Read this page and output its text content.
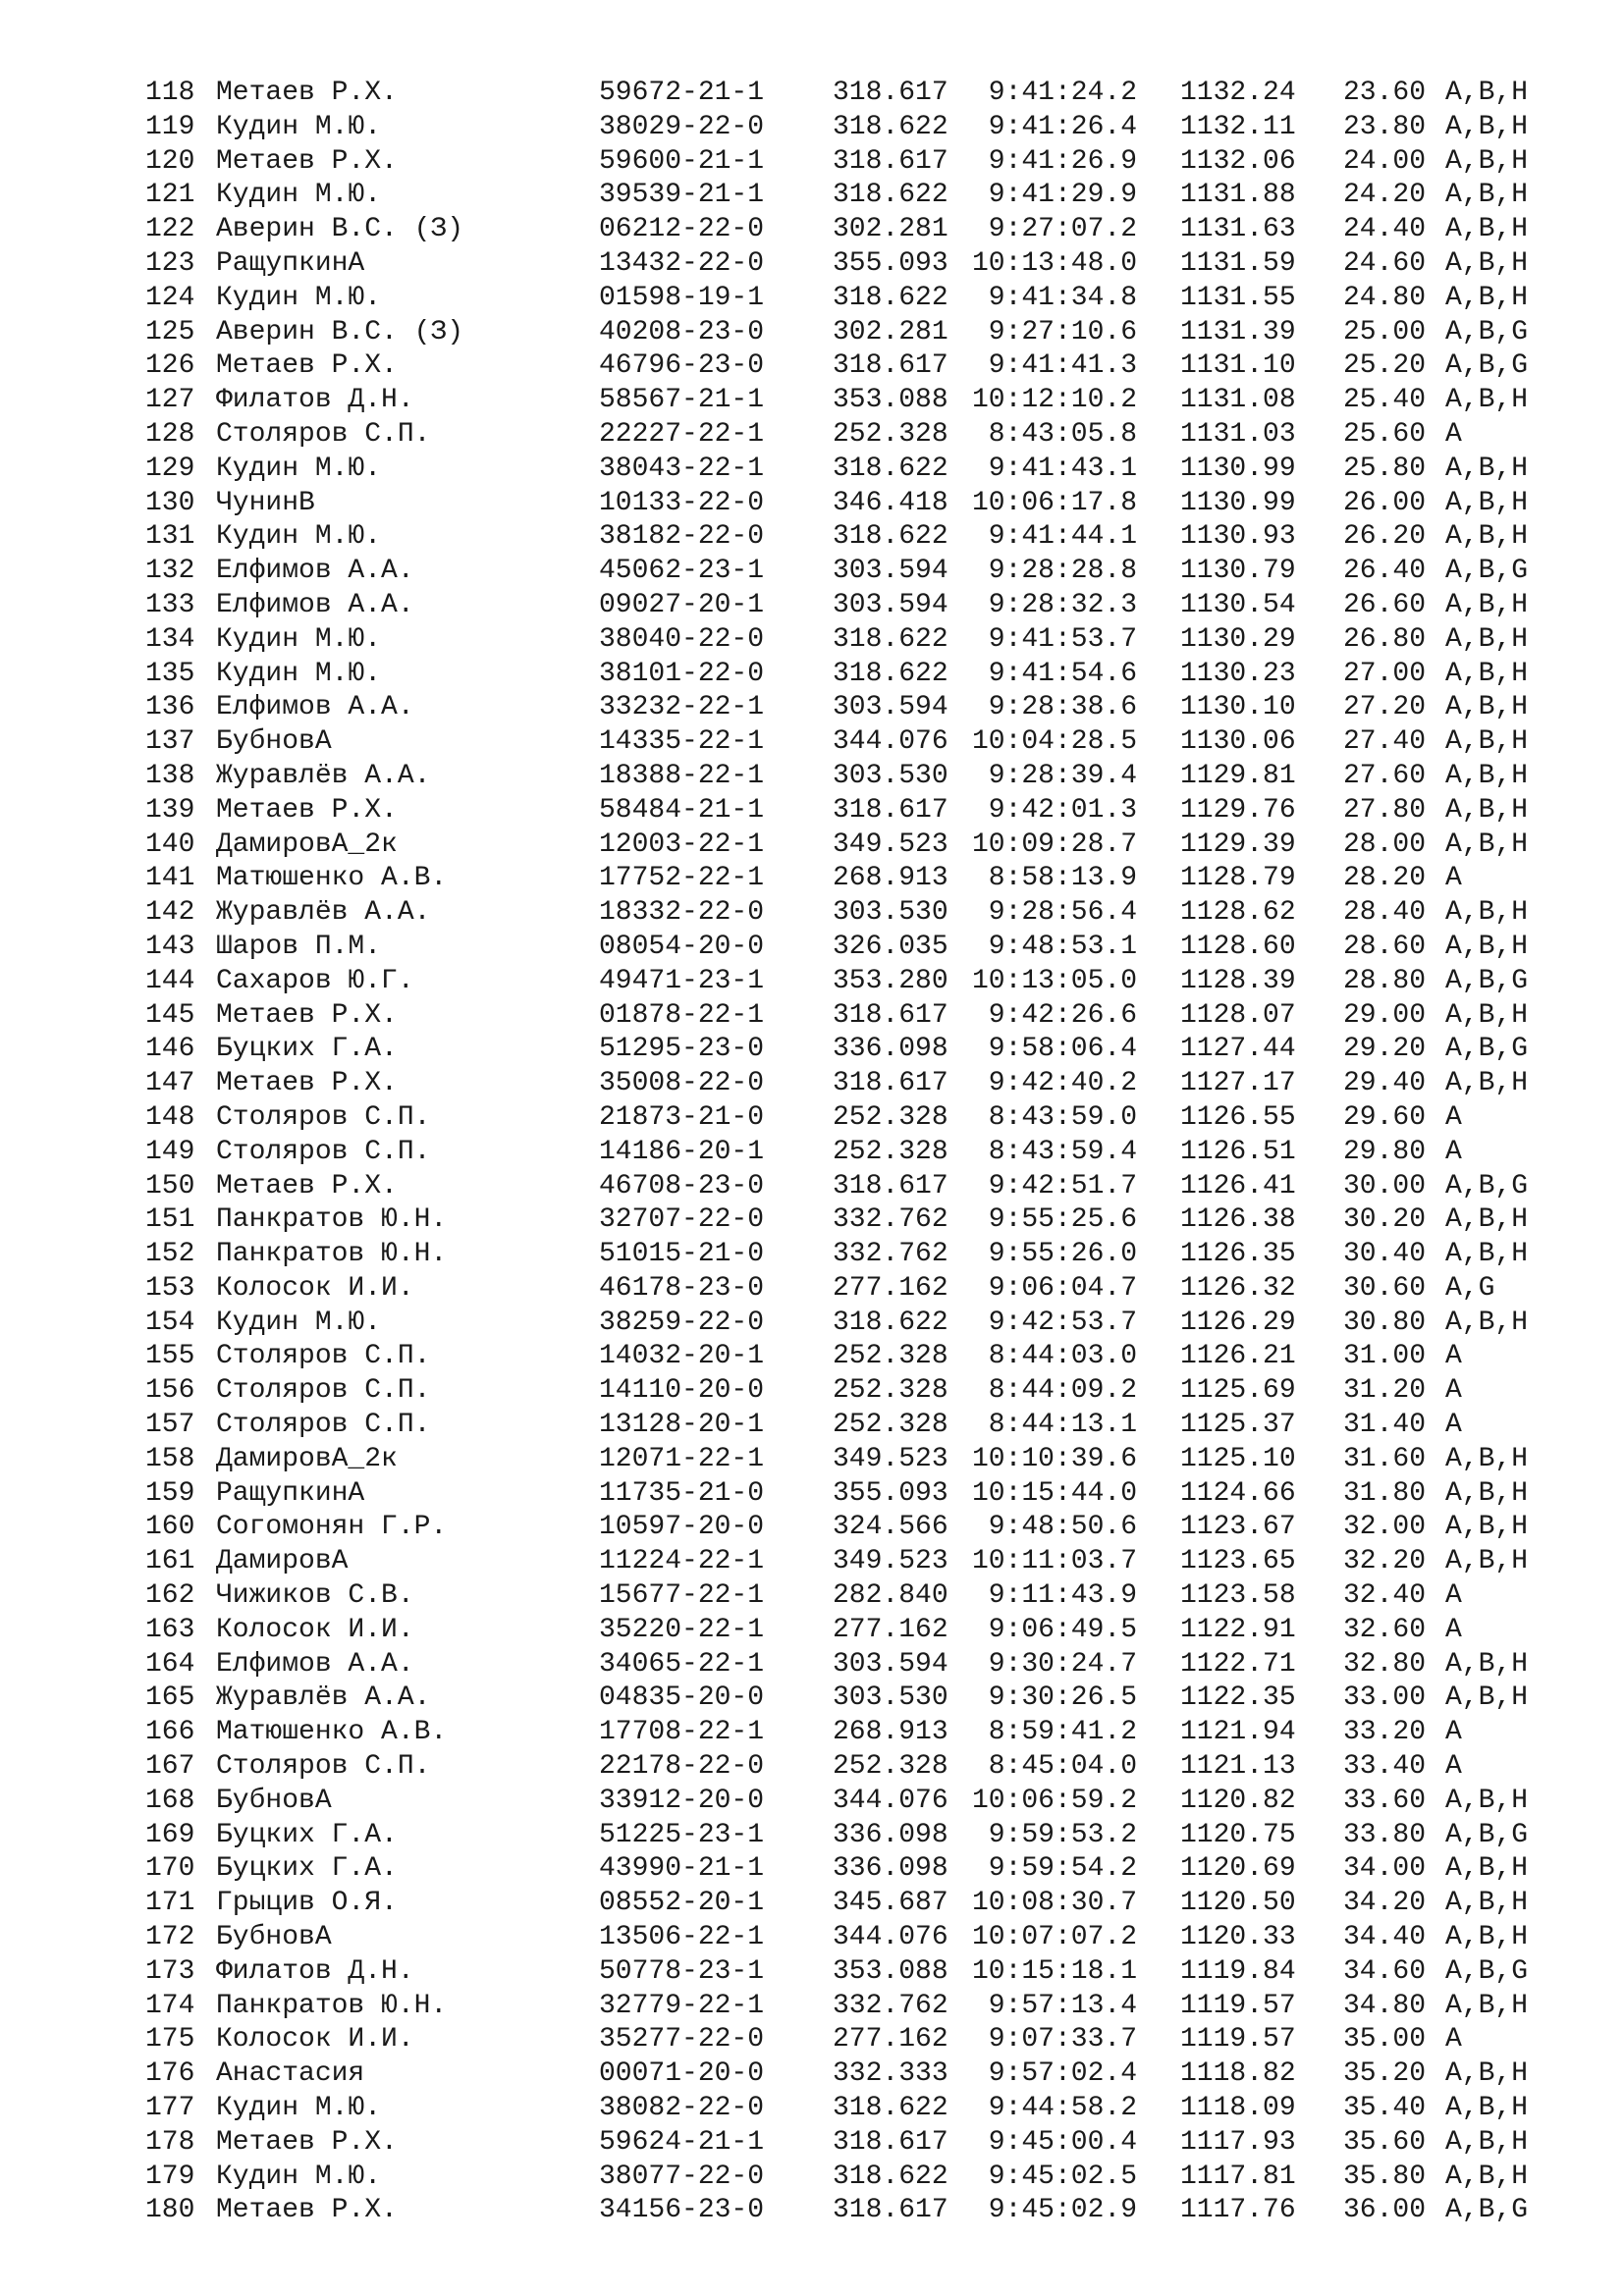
118 Метаев Р.Х.	59672-21-1 318.617	9:41:24.2 1132.24 23.60 A,B,H
119 Кудин М.Ю.	38029-22-0 318.622	9:41:26.4 1132.11 23.80 A,B,H
120 Метаев Р.Х.	59600-21-1 318.617	9:41:26.9 1132.06 24.00 A,B,H
121 Кудин М.Ю.	39539-21-1 318.622	9:41:29.9 1131.88 24.20 A,B,H
122 Аверин В.С. (З)	06212-22-0 302.281	9:27:07.2 1131.63 24.40 A,B,H
123 РащупкинА	13432-22-0 355.093 10:13:48.0 1131.59 24.60 A,B,H
124 Кудин М.Ю.	01598-19-1 318.622	9:41:34.8 1131.55 24.80 A,B,H
125 Аверин В.С. (З)	40208-23-0 302.281	9:27:10.6 1131.39 25.00 A,B,G
126 Метаев Р.Х.	46796-23-0 318.617	9:41:41.3 1131.10 25.20 A,B,G
127 Филатов Д.Н.	58567-21-1 353.088 10:12:10.2 1131.08 25.40 A,B,H
128 Столяров С.П.	22227-22-1 252.328	8:43:05.8 1131.03 25.60 A
129 Кудин М.Ю.	38043-22-1 318.622	9:41:43.1 1130.99 25.80 A,B,H
130 ЧунинВ	10133-22-0 346.418 10:06:17.8 1130.99 26.00 A,B,H
131 Кудин М.Ю.	38182-22-0 318.622	9:41:44.1 1130.93 26.20 A,B,H
132 Елфимов А.А.	45062-23-1 303.594	9:28:28.8 1130.79 26.40 A,B,G
133 Елфимов А.А.	09027-20-1 303.594	9:28:32.3 1130.54 26.60 A,B,H
134 Кудин М.Ю.	38040-22-0 318.622	9:41:53.7 1130.29 26.80 A,B,H
135 Кудин М.Ю.	38101-22-0 318.622	9:41:54.6 1130.23 27.00 A,B,H
136 Елфимов А.А.	33232-22-1 303.594	9:28:38.6 1130.10 27.20 A,B,H
137 БубновА	14335-22-1 344.076 10:04:28.5 1130.06 27.40 A,B,H
138 Журавлёв А.А.	18388-22-1 303.530	9:28:39.4 1129.81 27.60 A,B,H
139 Метаев Р.Х.	58484-21-1 318.617	9:42:01.3 1129.76 27.80 A,B,H
140 ДамировА_2к	12003-22-1 349.523 10:09:28.7 1129.39 28.00 A,B,H
141 Матюшенко А.В.	17752-22-1 268.913	8:58:13.9 1128.79 28.20 A
142 Журавлёв А.А.	18332-22-0 303.530	9:28:56.4 1128.62 28.40 A,B,H
143 Шаров П.М.	08054-20-0 326.035	9:48:53.1 1128.60 28.60 A,B,H
144 Сахаров Ю.Г.	49471-23-1 353.280 10:13:05.0 1128.39 28.80 A,B,G
145 Метаев Р.Х.	01878-22-1 318.617	9:42:26.6 1128.07 29.00 A,B,H
146 Буцких Г.А.	51295-23-0 336.098	9:58:06.4 1127.44 29.20 A,B,G
147 Метаев Р.Х.	35008-22-0 318.617	9:42:40.2 1127.17 29.40 A,B,H
148 Столяров С.П.	21873-21-0 252.328	8:43:59.0 1126.55 29.60 A
149 Столяров С.П.	14186-20-1 252.328	8:43:59.4 1126.51 29.80 A
150 Метаев Р.Х.	46708-23-0 318.617	9:42:51.7 1126.41 30.00 A,B,G
151 Панкратов Ю.Н.	32707-22-0 332.762	9:55:25.6 1126.38 30.20 A,B,H
152 Панкратов Ю.Н.	51015-21-0 332.762	9:55:26.0 1126.35 30.40 A,B,H
153 Колосок И.И.	46178-23-0 277.162	9:06:04.7 1126.32 30.60 A,G
154 Кудин М.Ю.	38259-22-0 318.622	9:42:53.7 1126.29 30.80 A,B,H
155 Столяров С.П.	14032-20-1 252.328	8:44:03.0 1126.21 31.00 A
156 Столяров С.П.	14110-20-0 252.328	8:44:09.2 1125.69 31.20 A
157 Столяров С.П.	13128-20-1 252.328	8:44:13.1 1125.37 31.40 A
158 ДамировА_2к	12071-22-1 349.523 10:10:39.6 1125.10 31.60 A,B,H
159 РащупкинА	11735-21-0 355.093 10:15:44.0 1124.66 31.80 A,B,H
160 Согомонян Г.Р.	10597-20-0 324.566	9:48:50.6 1123.67 32.00 A,B,H
161 ДамировА	11224-22-1 349.523 10:11:03.7 1123.65 32.20 A,B,H
162 Чижиков С.В.	15677-22-1 282.840	9:11:43.9 1123.58 32.40 A
163 Колосок И.И.	35220-22-1 277.162	9:06:49.5 1122.91 32.60 A
164 Елфимов А.А.	34065-22-1 303.594	9:30:24.7 1122.71 32.80 A,B,H
165 Журавлёв А.А.	04835-20-0 303.530	9:30:26.5 1122.35 33.00 A,B,H
166 Матюшенко А.В.	17708-22-1 268.913	8:59:41.2 1121.94 33.20 A
167 Столяров С.П.	22178-22-0 252.328	8:45:04.0 1121.13 33.40 A
168 БубновА	33912-20-0 344.076 10:06:59.2 1120.82 33.60 A,B,H
169 Буцких Г.А.	51225-23-1 336.098	9:59:53.2 1120.75 33.80 A,B,G
170 Буцких Г.А.	43990-21-1 336.098	9:59:54.2 1120.69 34.00 A,B,H
171 Грыцив О.Я.	08552-20-1 345.687 10:08:30.7 1120.50 34.20 A,B,H
172 БубновА	13506-22-1 344.076 10:07:07.2 1120.33 34.40 A,B,H
173 Филатов Д.Н.	50778-23-1 353.088 10:15:18.1 1119.84 34.60 A,B,G
174 Панкратов Ю.Н.	32779-22-1 332.762	9:57:13.4 1119.57 34.80 A,B,H
175 Колосок И.И.	35277-22-0 277.162	9:07:33.7 1119.57 35.00 A
176 Анастасия	00071-20-0 332.333	9:57:02.4 1118.82 35.20 A,B,H
177 Кудин М.Ю.	38082-22-0 318.622	9:44:58.2 1118.09 35.40 A,B,H
178 Метаев Р.Х.	59624-21-1 318.617	9:45:00.4 1117.93 35.60 A,B,H
179 Кудин М.Ю.	38077-22-0 318.622	9:45:02.5 1117.81 35.80 A,B,H
180 Метаев Р.Х.	34156-23-0 318.617	9:45:02.9 1117.76 36.00 A,B,G
